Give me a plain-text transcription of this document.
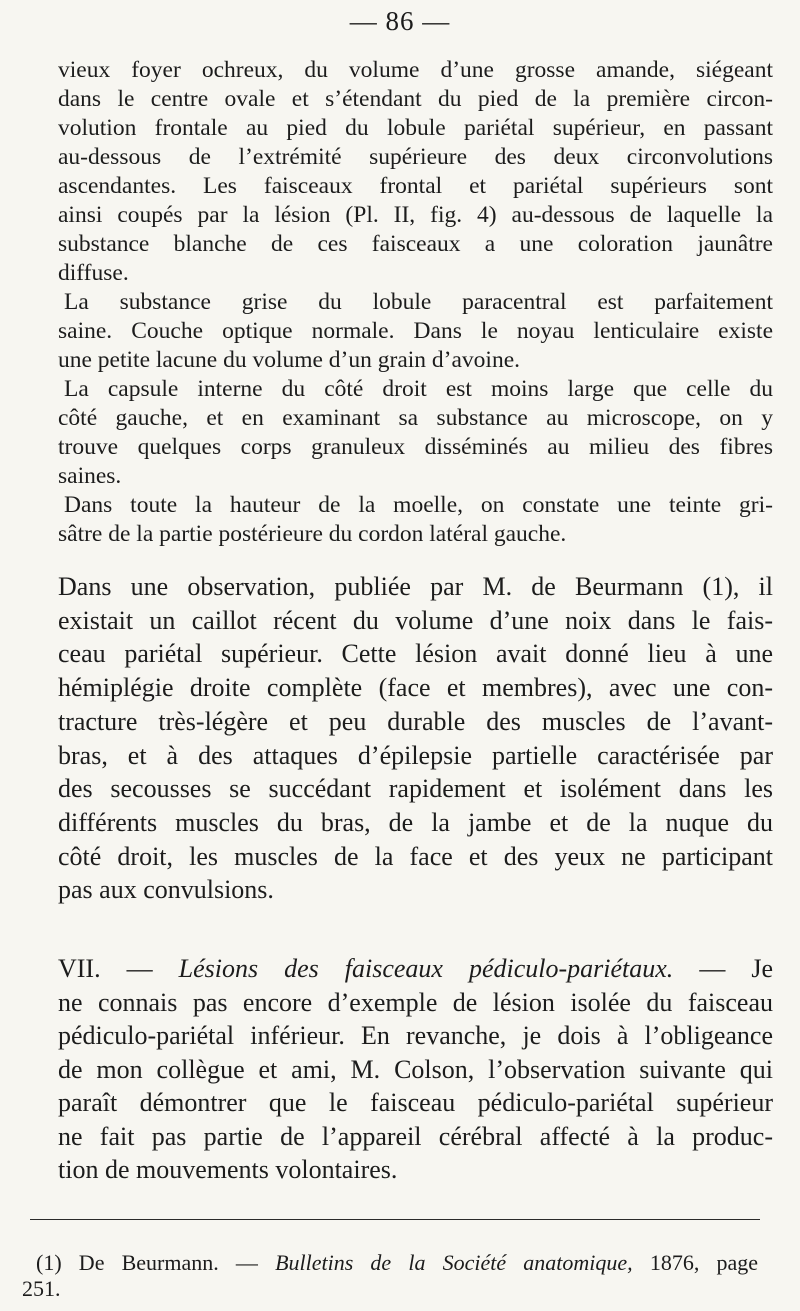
— 86 —
vieux foyer ochreux, du volume d’une grosse amande, siégeant
dans le centre ovale et s’étendant du pied de la première circon-
volution frontale au pied du lobule pariétal supérieur, en passant
au-dessous de l’extrémité supérieure des deux circonvolutions
ascendantes. Les faisceaux frontal et pariétal supérieurs sont
ainsi coupés par la lésion (Pl. II, fig. 4) au-dessous de laquelle la
substance blanche de ces faisceaux a une coloration jaunâtre
diffuse.
La substance grise du lobule paracentral est parfaitement
saine. Couche optique normale. Dans le noyau lenticulaire existe
une petite lacune du volume d’un grain d’avoine.
La capsule interne du côté droit est moins large que celle du
côté gauche, et en examinant sa substance au microscope, on y
trouve quelques corps granuleux disséminés au milieu des fibres
saines.
Dans toute la hauteur de la moelle, on constate une teinte gri-
sâtre de la partie postérieure du cordon latéral gauche.
Dans une observation, publiée par M. de Beurmann (1), il
existait un caillot récent du volume d’une noix dans le fais-
ceau pariétal supérieur. Cette lésion avait donné lieu à une
hémiplégie droite complète (face et membres), avec une con-
tracture très-légère et peu durable des muscles de l’avant-
bras, et à des attaques d’épilepsie partielle caractérisée par
des secousses se succédant rapidement et isolément dans les
différents muscles du bras, de la jambe et de la nuque du
côté droit, les muscles de la face et des yeux ne participant
pas aux convulsions.
VII. — Lésions des faisceaux pédiculo-pariétaux. — Je
ne connais pas encore d’exemple de lésion isolée du faisceau
pédiculo-pariétal inférieur. En revanche, je dois à l’obligeance
de mon collègue et ami, M. Colson, l’observation suivante qui
paraît démontrer que le faisceau pédiculo-pariétal supérieur
ne fait pas partie de l’appareil cérébral affecté à la produc-
tion de mouvements volontaires.
(1) De Beurmann. — Bulletins de la Société anatomique, 1876, page
251.
